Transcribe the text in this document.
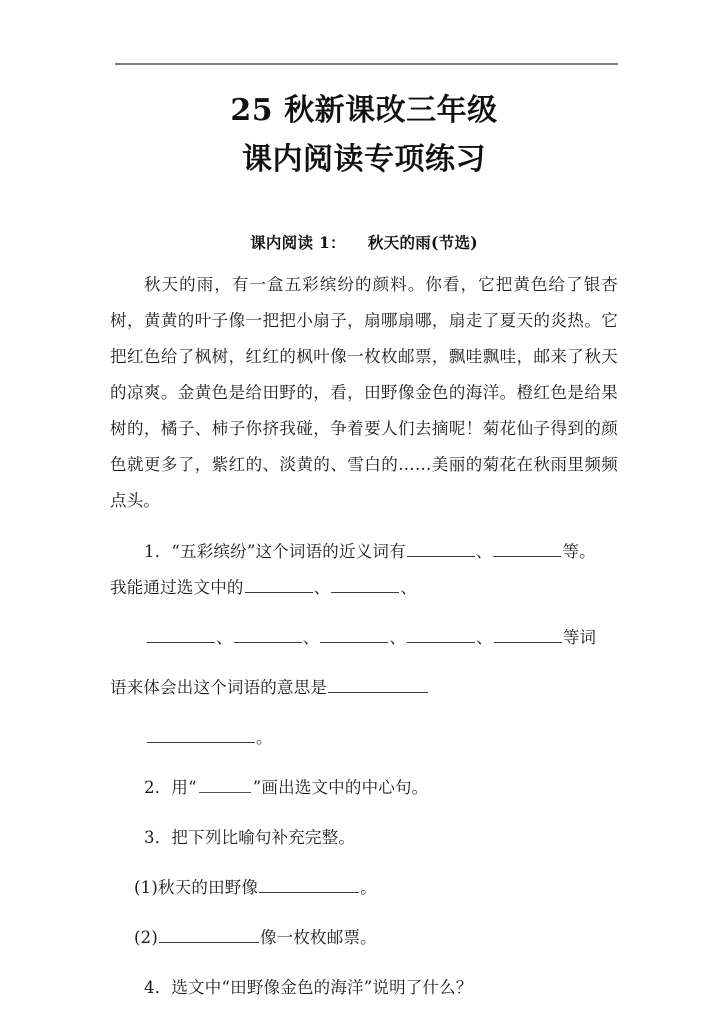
25 秋新课改三年级
课内阅读专项练习
课内阅读 1： 秋天的雨(节选)

秋天的雨，有一盒五彩缤纷的颜料。你看，它把黄色给了银杏树，黄黄的叶子像一把把小扇子，扇哪扇哪，扇走了夏天的炎热。它把红色给了枫树，红红的枫叶像一枚枚邮票，飘哇飘哇，邮来了秋天的凉爽。金黄色是给田野的，看，田野像金色的海洋。橙红色是给果树的，橘子、柿子你挤我碰，争着要人们去摘呢！菊花仙子得到的颜色就更多了，紫红的、淡黄的、雪白的……美丽的菊花在秋雨里频频点头。

1．“五彩缤纷”这个词语的近义词有	、	等。

我能通过选文中的	、	、

、	、	、	、	等词

语来体会出这个词语的意思是

。

2．用“	”画出选文中的中心句。

3．把下列比喻句补充完整。

(1)秋天的田野像	。

(2)	像一枚枚邮票。

4．选文中“田野像金色的海洋”说明了什么？
